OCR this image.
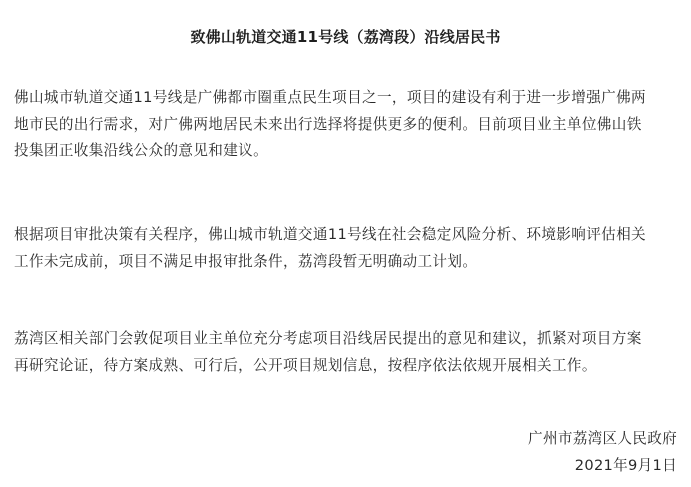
致佛山轨道交通11号线（荔湾段）沿线居民书

佛山城市轨道交通11号线是广佛都市圈重点民生项目之一，项目的建设有利于进一步增强广佛两
地市民的出行需求，对广佛两地居民未来出行选择将提供更多的便利。目前项目业主单位佛山铁
投集团正收集沿线公众的意见和建议。

根据项目审批决策有关程序，佛山城市轨道交通11号线在社会稳定风险分析、环境影响评估相关
工作未完成前，项目不满足申报审批条件，荔湾段暂无明确动工计划。

荔湾区相关部门会敦促项目业主单位充分考虑项目沿线居民提出的意见和建议，抓紧对项目方案
再研究论证，待方案成熟、可行后，公开项目规划信息，按程序依法依规开展相关工作。

广州市荔湾区人民政府
2021年9月1日
